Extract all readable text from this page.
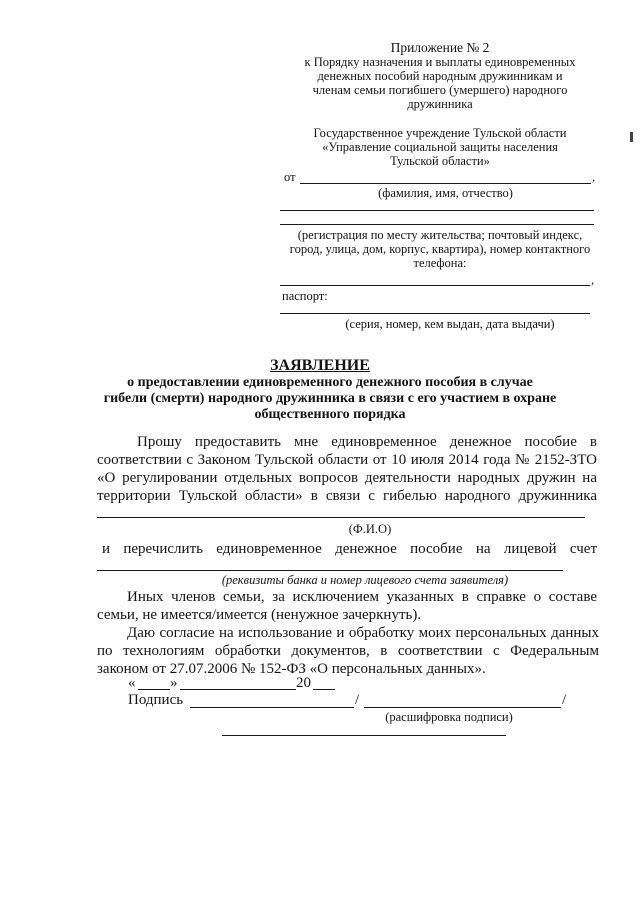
Приложение № 2
к Порядку назначения и выплаты единовременных
денежных пособий народным дружинникам и
членам семьи погибшего (умершего) народного
дружинника
Государственное учреждение Тульской области
«Управление социальной защиты населения
Тульской области»
от	,
(фамилия, имя, отчество)
(регистрация по месту жительства; почтовый индекс,
город, улица, дом, корпус, квартира), номер контактного
телефона:
,
паспорт:
(серия, номер, кем выдан, дата выдачи)
ЗАЯВЛЕНИЕ
о предоставлении единовременного денежного пособия в случае
гибели (смерти) народного дружинника в связи с его участием в охране
общественного порядка
Прошу предоставить мне единовременное денежное пособие в
соответствии с Законом Тульской области от 10 июля 2014 года № 2152-ЗТО
«О регулировании отдельных вопросов деятельности народных дружин на
территории Тульской области» в связи с гибелью народного дружинника
(Ф.И.О)
и перечислить единовременное денежное пособие на лицевой счет
(реквизиты банка и номер лицевого счета заявителя)
Иных членов семьи, за исключением указанных в справке о составе
семьи, не имеется/имеется (ненужное зачеркнуть).
Даю согласие на использование и обработку моих персональных данных
по технологиям обработки документов, в соответствии с Федеральным
законом от 27.07.2006 № 152-ФЗ «О персональных данных».
« »	20
Подпись	/	/
(расшифровка подписи)
